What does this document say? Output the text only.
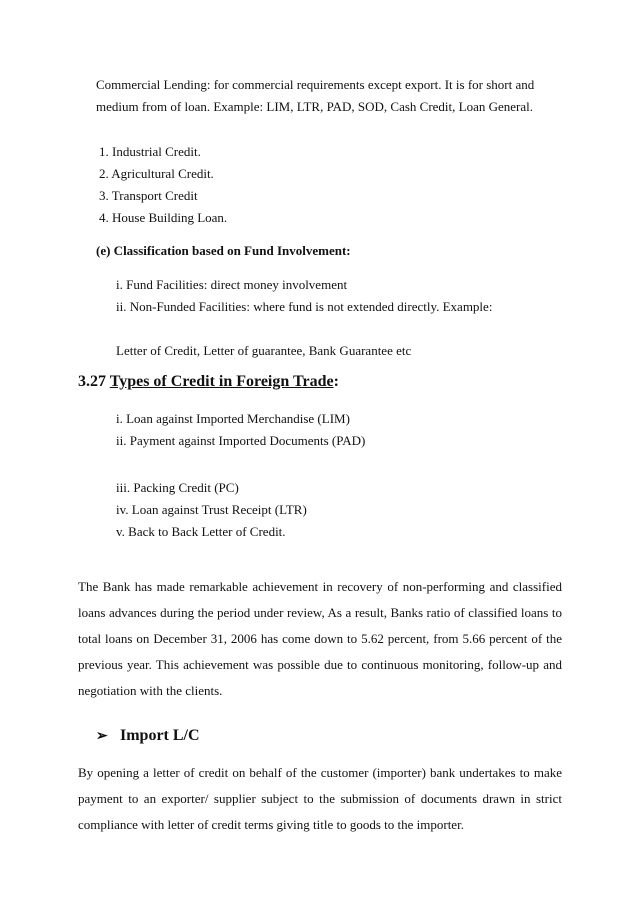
Commercial Lending: for commercial requirements except export. It is for short and
medium from of loan. Example: LIM, LTR, PAD, SOD, Cash Credit, Loan General.
1. Industrial Credit.
2. Agricultural Credit.
3. Transport Credit
4. House Building Loan.
(e) Classification based on Fund Involvement:
i. Fund Facilities: direct money involvement
ii. Non-Funded Facilities: where fund is not extended directly. Example:
Letter of Credit, Letter of guarantee, Bank Guarantee etc
3.27 Types of Credit in Foreign Trade:
i. Loan against Imported Merchandise (LIM)
ii. Payment against Imported Documents (PAD)
iii. Packing Credit (PC)
iv. Loan against Trust Receipt (LTR)
v. Back to Back Letter of Credit.

The Bank has made remarkable achievement in recovery of non-performing and classified loans advances during the period under review, As a result, Banks ratio of classified loans to total loans on December 31, 2006 has come down to 5.62 percent, from 5.66 percent of the previous year. This achievement was possible due to continuous monitoring, follow-up and negotiation with the clients.

➢ Import L/C

By opening a letter of credit on behalf of the customer (importer) bank undertakes to make payment to an exporter/ supplier subject to the submission of documents drawn in strict compliance with letter of credit terms giving title to goods to the importer.
